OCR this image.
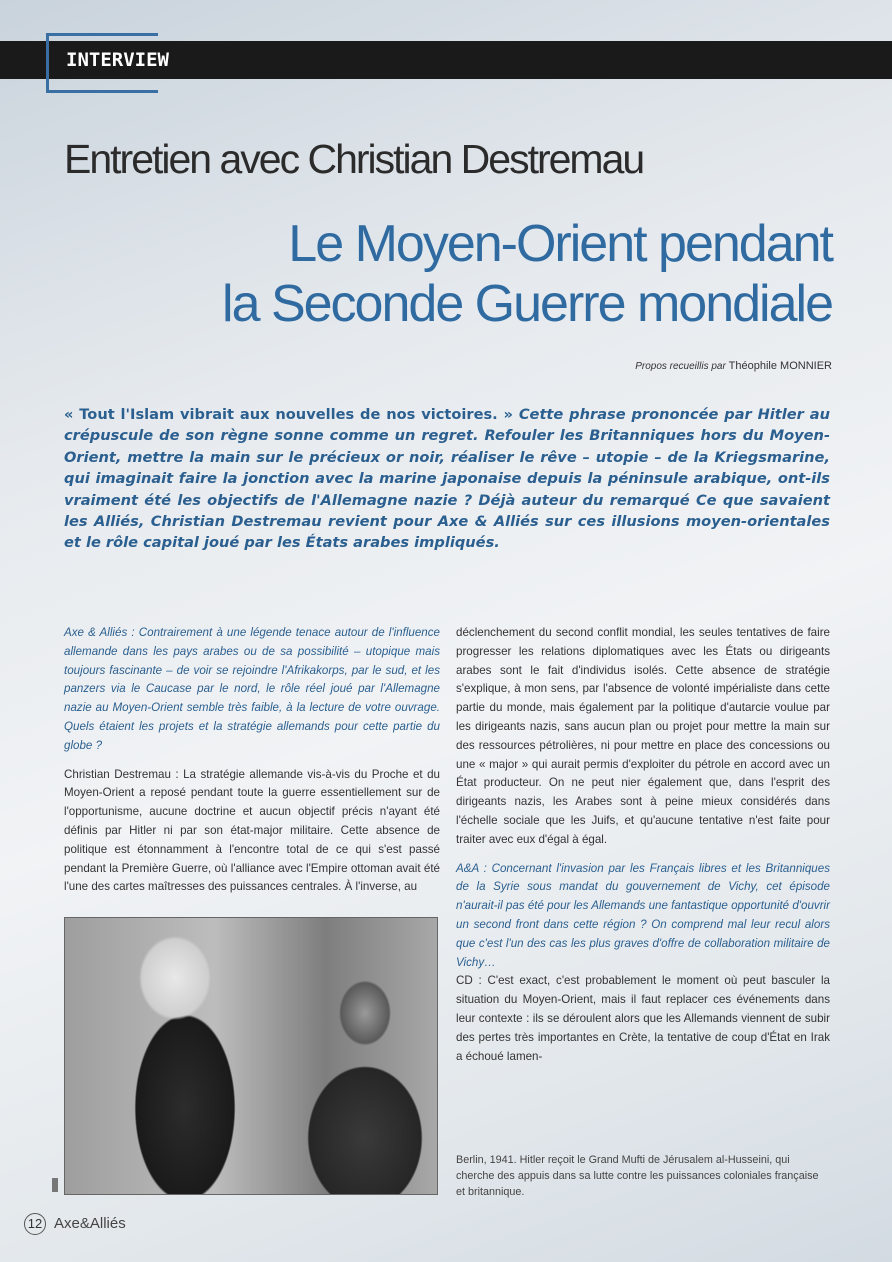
INTERVIEW
Entretien avec Christian Destremau
Le Moyen-Orient pendant
la Seconde Guerre mondiale
Propos recueillis par Théophile MONNIER
« Tout l'Islam vibrait aux nouvelles de nos victoires. » Cette phrase prononcée par Hitler au crépuscule de son règne sonne comme un regret. Refouler les Britanniques hors du Moyen-Orient, mettre la main sur le précieux or noir, réaliser le rêve – utopie – de la Kriegsmarine, qui imaginait faire la jonction avec la marine japonaise depuis la péninsule arabique, ont-ils vraiment été les objectifs de l'Allemagne nazie ? Déjà auteur du remarqué Ce que savaient les Alliés, Christian Destremau revient pour Axe & Alliés sur ces illusions moyen-orientales et le rôle capital joué par les États arabes impliqués.
Axe & Alliés : Contrairement à une légende tenace autour de l'influence allemande dans les pays arabes ou de sa possibilité – utopique mais toujours fascinante – de voir se rejoindre l'Afrikakorps, par le sud, et les panzers via le Caucase par le nord, le rôle réel joué par l'Allemagne nazie au Moyen-Orient semble très faible, à la lecture de votre ouvrage. Quels étaient les projets et la stratégie allemands pour cette partie du globe ?
Christian Destremau : La stratégie allemande vis-à-vis du Proche et du Moyen-Orient a reposé pendant toute la guerre essentiellement sur de l'opportunisme, aucune doctrine et aucun objectif précis n'ayant été définis par Hitler ni par son état-major militaire. Cette absence de politique est étonnamment à l'encontre total de ce qui s'est passé pendant la Première Guerre, où l'alliance avec l'Empire ottoman avait été l'une des cartes maîtresses des puissances centrales. À l'inverse, au
déclenchement du second conflit mondial, les seules tentatives de faire progresser les relations diplomatiques avec les États ou dirigeants arabes sont le fait d'individus isolés. Cette absence de stratégie s'explique, à mon sens, par l'absence de volonté impérialiste dans cette partie du monde, mais également par la politique d'autarcie voulue par les dirigeants nazis, sans aucun plan ou projet pour mettre la main sur des ressources pétrolières, ni pour mettre en place des concessions ou une « major » qui aurait permis d'exploiter du pétrole en accord avec un État producteur. On ne peut nier également que, dans l'esprit des dirigeants nazis, les Arabes sont à peine mieux considérés dans l'échelle sociale que les Juifs, et qu'aucune tentative n'est faite pour traiter avec eux d'égal à égal.
A&A : Concernant l'invasion par les Français libres et les Britanniques de la Syrie sous mandat du gouvernement de Vichy, cet épisode n'aurait-il pas été pour les Allemands une fantastique opportunité d'ouvrir un second front dans cette région ? On comprend mal leur recul alors que c'est l'un des cas les plus graves d'offre de collaboration militaire de Vichy…
CD : C'est exact, c'est probablement le moment où peut basculer la situation du Moyen-Orient, mais il faut replacer ces événements dans leur contexte : ils se déroulent alors que les Allemands viennent de subir des pertes très importantes en Crète, la tentative de coup d'État en Irak a échoué lamen-
Berlin, 1941. Hitler reçoit le Grand Mufti de Jérusalem al-Husseini, qui cherche des appuis dans sa lutte contre les puissances coloniales française et britannique.
12 Axe&Alliés
